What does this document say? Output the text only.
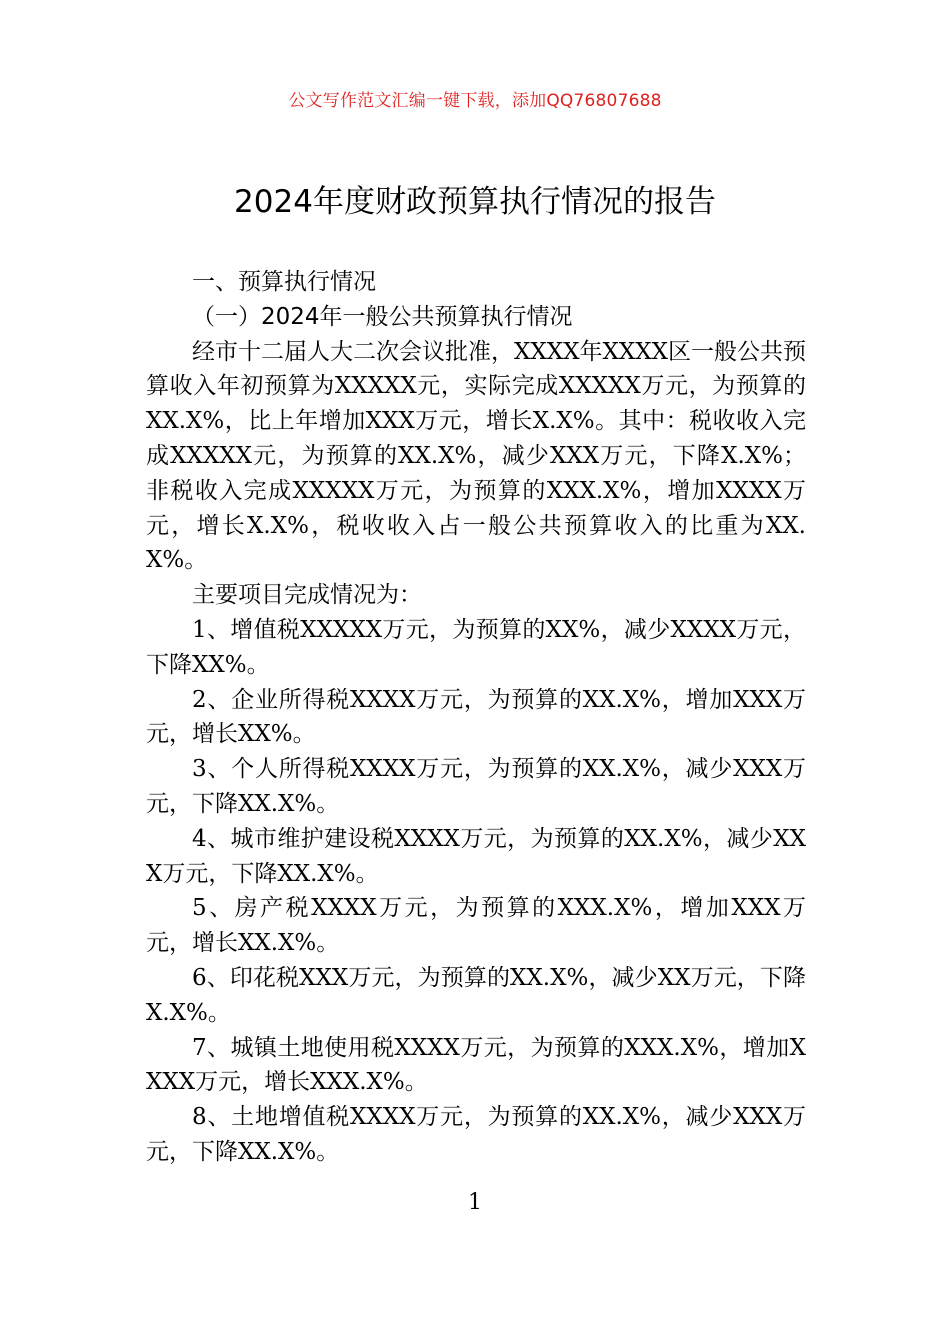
公文写作范文汇编一键下载，添加QQ76807688
2024年度财政预算执行情况的报告

一、预算执行情况

（一）2024年一般公共预算执行情况

经市十二届人大二次会议批准，XXXX年XXXX区一般公共预算收入年初预算为XXXXX元，实际完成XXXXX万元，为预算的XX.X%，比上年增加XXX万元，增长X.X%。其中：税收收入完成XXXXX元，为预算的XX.X%，减少XXX万元，下降X.X%；非税收入完成XXXXX万元，为预算的XXX.X%，增加XXXX万元，增长X.X%，税收收入占一般公共预算收入的比重为XX.X%。

主要项目完成情况为：

1、增值税XXXXX万元，为预算的XX%，减少XXXX万元，下降XX%。

2、企业所得税XXXX万元，为预算的XX.X%，增加XXX万元，增长XX%。

3、个人所得税XXXX万元，为预算的XX.X%，减少XXX万元，下降XX.X%。

4、城市维护建设税XXXX万元，为预算的XX.X%，减少XXX万元，下降XX.X%。

5、房产税XXXX万元，为预算的XXX.X%，增加XXX万元，增长XX.X%。

6、印花税XXX万元，为预算的XX.X%，减少XX万元，下降X.X%。

7、城镇土地使用税XXXX万元，为预算的XXX.X%，增加XXXX万元，增长XXX.X%。

8、土地增值税XXXX万元，为预算的XX.X%，减少XXX万元，下降XX.X%。

1
